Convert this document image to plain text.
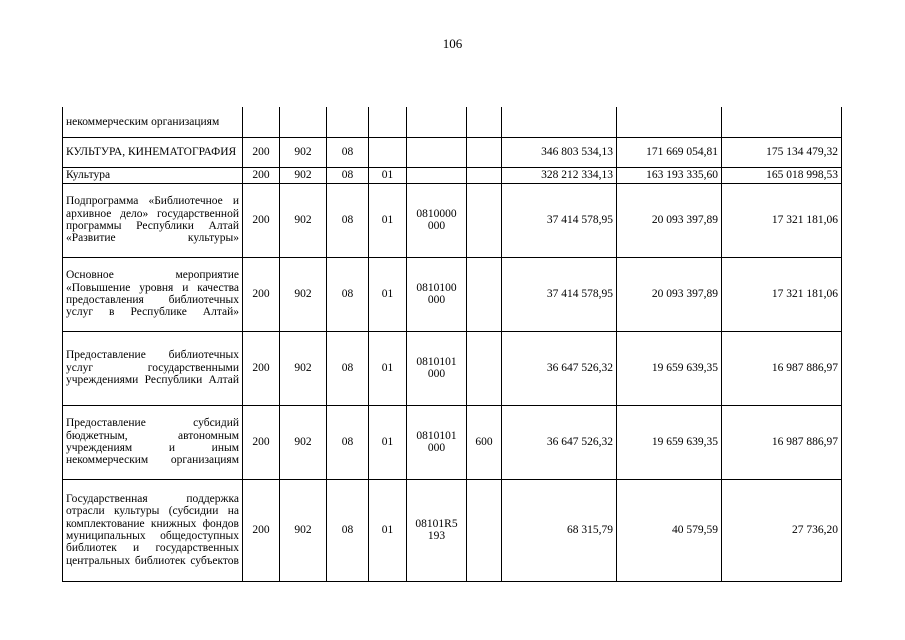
106
некоммерческим организациям									
КУЛЬТУРА, КИНЕМАТОГРАФИЯ	200	902	08				346 803 534,13	171 669 054,81	175 134 479,32
Культура	200	902	08	01			328 212 334,13	163 193 335,60	165 018 998,53
Подпрограмма «Библиотечное и архивное дело» государственной программы Республики Алтай «Развитие культуры»	200	902	08	01	0810000 000		37 414 578,95	20 093 397,89	17 321 181,06
Основное мероприятие «Повышение уровня и качества предоставления библиотечных услуг в Республике Алтай»	200	902	08	01	0810100 000		37 414 578,95	20 093 397,89	17 321 181,06
Предоставление библиотечных услуг государственными учреждениями Республики Алтай	200	902	08	01	0810101 000		36 647 526,32	19 659 639,35	16 987 886,97
Предоставление субсидий бюджетным, автономным учреждениям и иным некоммерческим организациям	200	902	08	01	0810101 000	600	36 647 526,32	19 659 639,35	16 987 886,97
Государственная поддержка отрасли культуры (субсидии на комплектование книжных фондов муниципальных общедоступных библиотек и государственных центральных библиотек субъектов	200	902	08	01	08101R5 193		68 315,79	40 579,59	27 736,20
